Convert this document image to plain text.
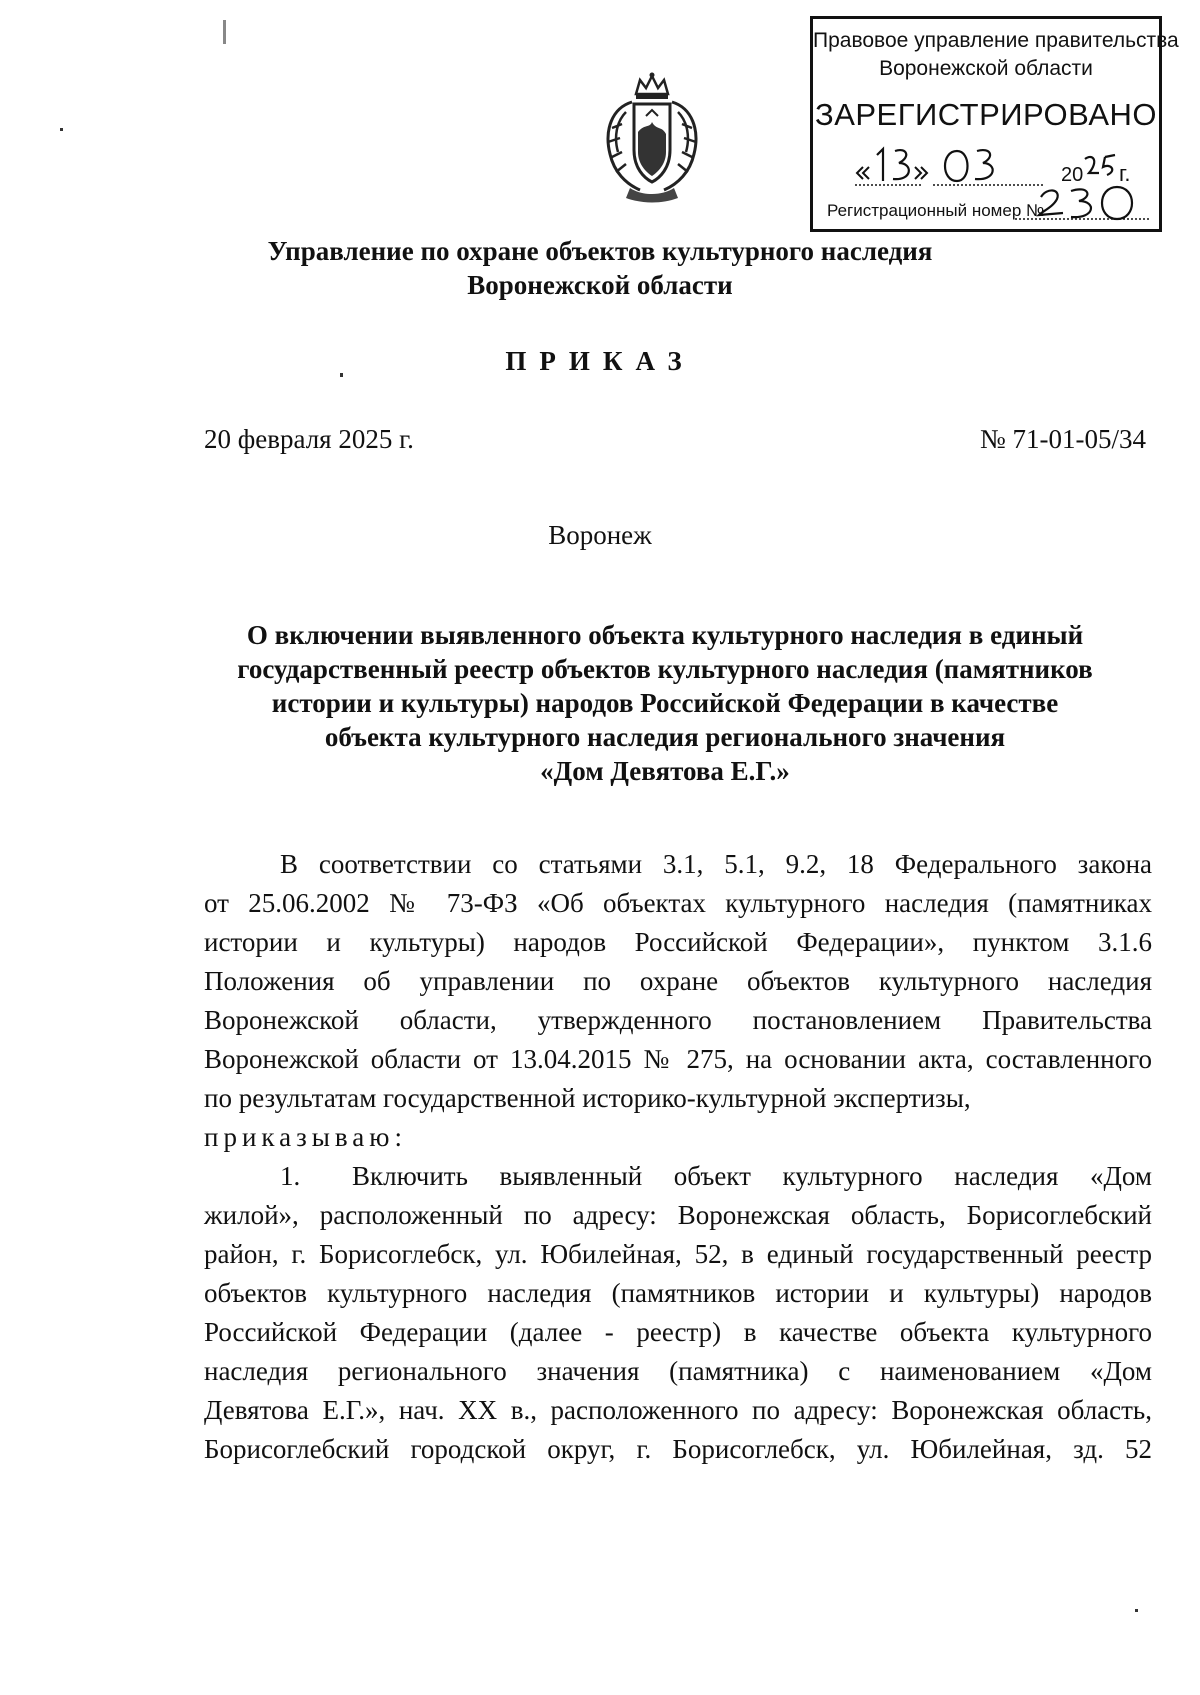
Правовое управление правительства
Воронежской области
ЗАРЕГИСТРИРОВАНО
20 г.
Регистрационный номер №
Управление по охране объектов культурного наследия
Воронежской области
ПРИКАЗ
20 февраля 2025 г.	№ 71-01-05/34
Воронеж
О включении выявленного объекта культурного наследия в единый
государственный реестр объектов культурного наследия (памятников
истории и культуры) народов Российской Федерации в качестве
объекта культурного наследия регионального значения
«Дом Девятова Е.Г.»
В соответствии со статьями 3.1, 5.1, 9.2, 18 Федерального закона
от 25.06.2002 № 73-ФЗ «Об объектах культурного наследия (памятниках
истории и культуры) народов Российской Федерации», пунктом 3.1.6
Положения об управлении по охране объектов культурного наследия
Воронежской области, утвержденного постановлением Правительства
Воронежской области от 13.04.2015 № 275, на основании акта, составленного
по результатам государственной историко-культурной экспертизы,
приказываю:
1.	Включить выявленный объект культурного наследия «Дом
жилой», расположенный по адресу: Воронежская область, Борисоглебский
район, г. Борисоглебск, ул. Юбилейная, 52, в единый государственный реестр
объектов культурного наследия (памятников истории и культуры) народов
Российской Федерации (далее - реестр) в качестве объекта культурного
наследия регионального значения (памятника) с наименованием «Дом
Девятова Е.Г.», нач. XX в., расположенного по адресу: Воронежская область,
Борисоглебский городской округ, г. Борисоглебск, ул. Юбилейная, зд. 52
